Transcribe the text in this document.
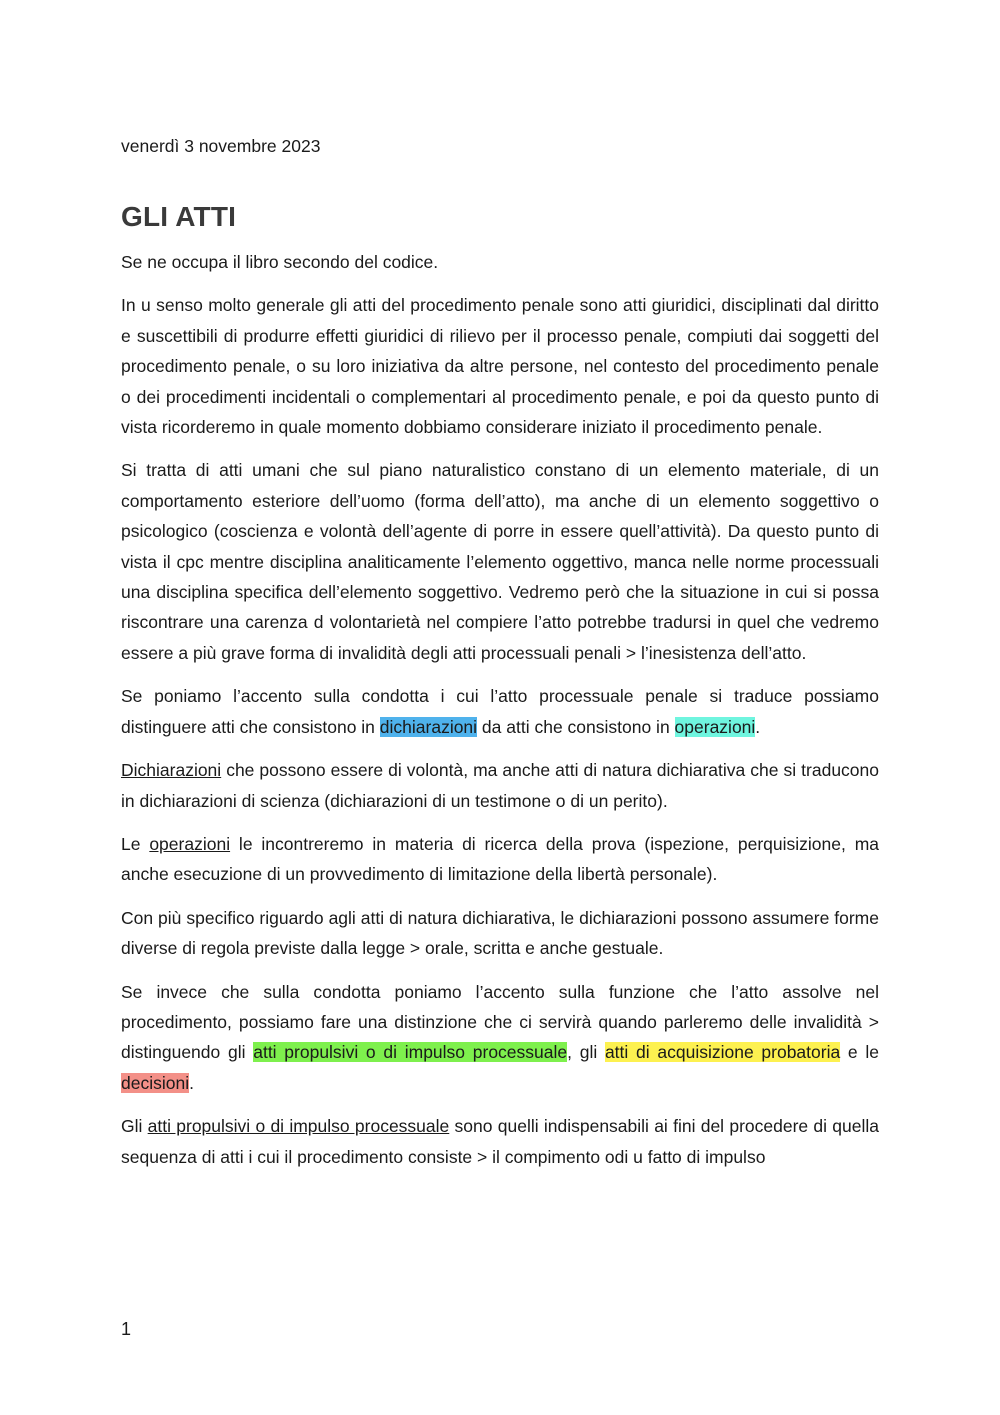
venerdì 3 novembre 2023

GLI ATTI

Se ne occupa il libro secondo del codice.

In u senso molto generale gli atti del procedimento penale sono atti giuridici, disciplinati dal diritto e suscettibili di produrre effetti giuridici di rilievo per il processo penale, compiuti dai soggetti del procedimento penale, o su loro iniziativa da altre persone, nel contesto del procedimento penale o dei procedimenti incidentali o complementari al procedimento penale, e poi da questo punto di vista ricorderemo in quale momento dobbiamo considerare iniziato il procedimento penale.

Si tratta di atti umani che sul piano naturalistico constano di un elemento materiale, di un comportamento esteriore dell’uomo (forma dell’atto), ma anche di un elemento soggettivo o psicologico (coscienza e volontà dell’agente di porre in essere quell’attività). Da questo punto di vista il cpc mentre disciplina analiticamente l’elemento oggettivo, manca nelle norme processuali una disciplina specifica dell’elemento soggettivo. Vedremo però che la situazione in cui si possa riscontrare una carenza d volontarietà nel compiere l’atto potrebbe tradursi in quel che vedremo essere a più grave forma di invalidità degli atti processuali penali > l’inesistenza dell’atto.

Se poniamo l’accento sulla condotta i cui l’atto processuale penale si traduce possiamo distinguere atti che consistono in dichiarazioni da atti che consistono in operazioni.

Dichiarazioni che possono essere di volontà, ma anche atti di natura dichiarativa che si traducono in dichiarazioni di scienza (dichiarazioni di un testimone o di un perito).

Le operazioni le incontreremo in materia di ricerca della prova (ispezione, perquisizione, ma anche esecuzione di un provvedimento di limitazione della libertà personale).

Con più specifico riguardo agli atti di natura dichiarativa, le dichiarazioni possono assumere forme diverse di regola previste dalla legge > orale, scritta e anche gestuale.

Se invece che sulla condotta poniamo l’accento sulla funzione che l’atto assolve nel procedimento, possiamo fare una distinzione che ci servirà quando parleremo delle invalidità > distinguendo gli atti propulsivi o di impulso processuale, gli atti di acquisizione probatoria e le decisioni.

Gli atti propulsivi o di impulso processuale sono quelli indispensabili ai fini del procedere di quella sequenza di atti i cui il procedimento consiste > il compimento odi u fatto di impulso

1
